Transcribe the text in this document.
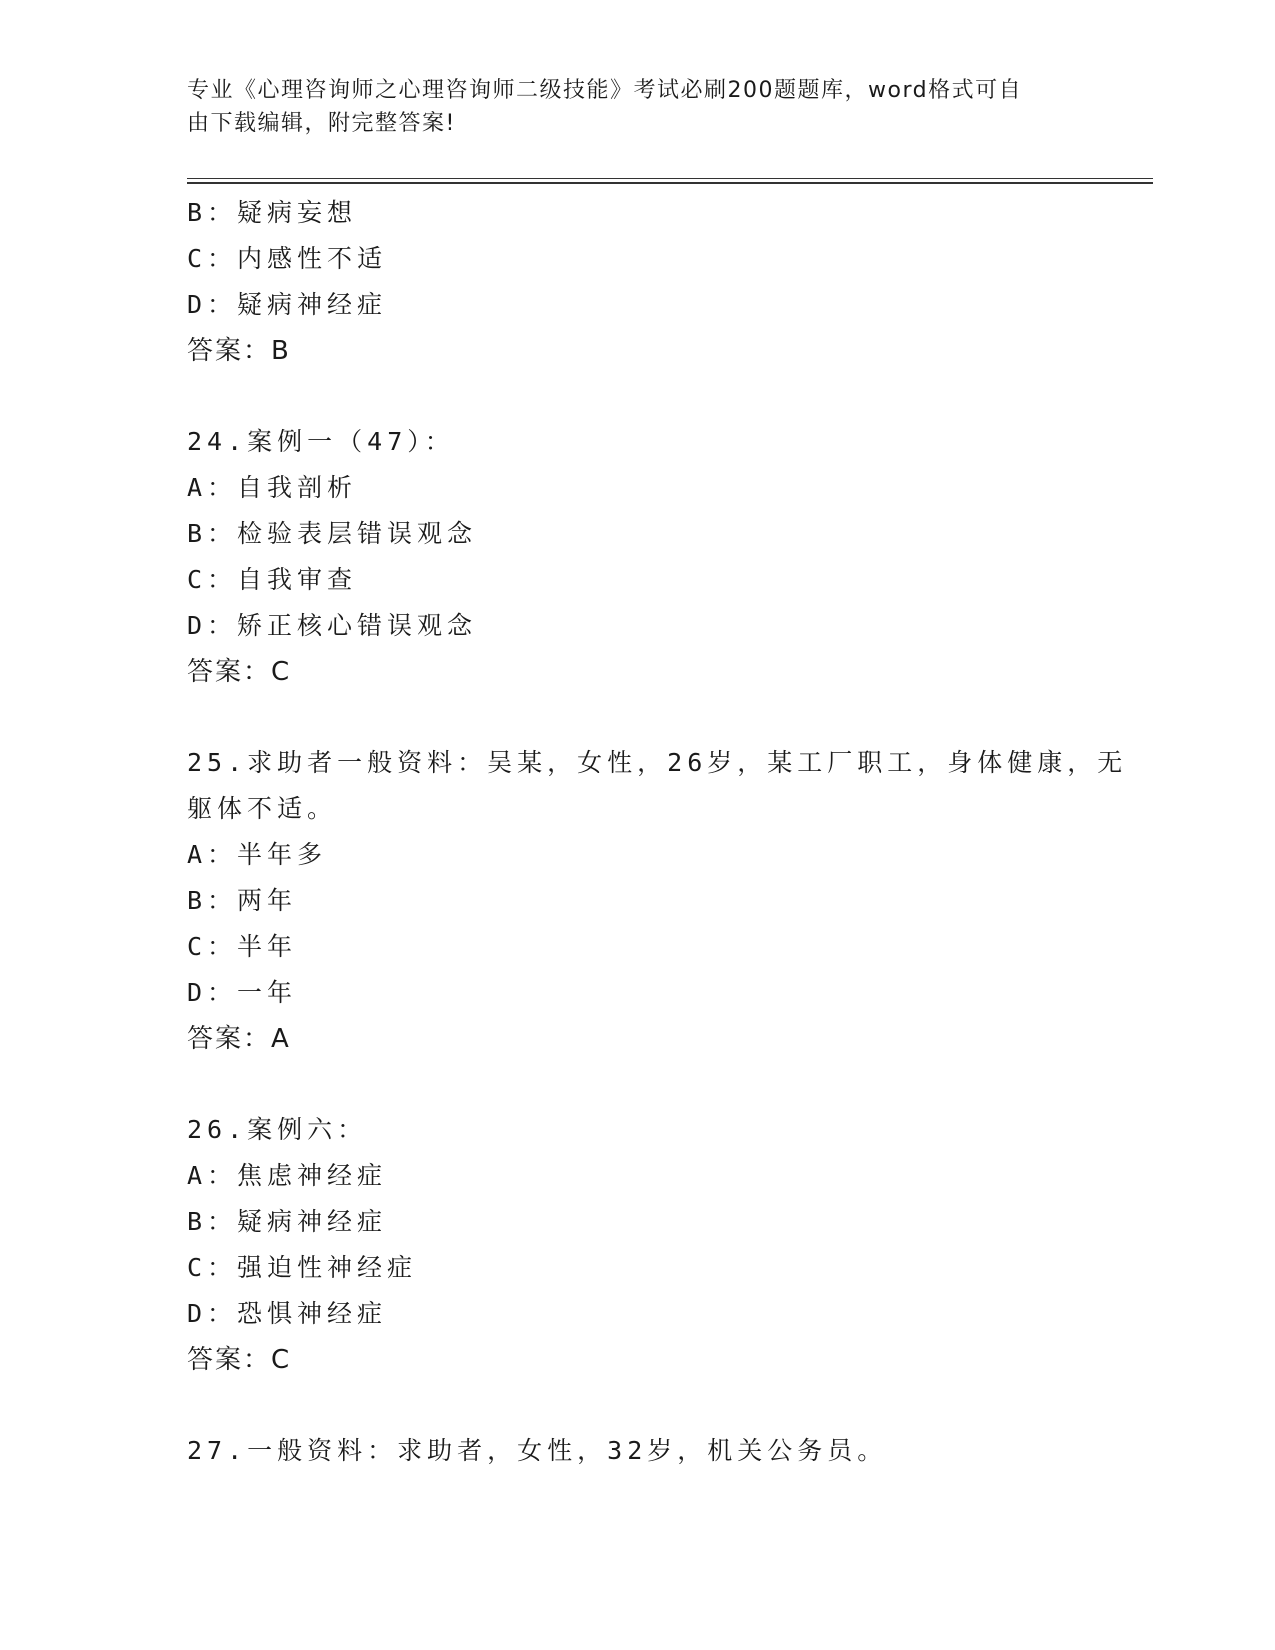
专业《心理咨询师之心理咨询师二级技能》考试必刷200题题库，word格式可自
由下载编辑，附完整答案!
B：疑病妄想
C：内感性不适
D：疑病神经症
答案：B
24.案例一（47）：
A：自我剖析
B：检验表层错误观念
C：自我审查
D：矫正核心错误观念
答案：C
25.求助者一般资料：吴某，女性，26岁，某工厂职工，身体健康，无
躯体不适。
A：半年多
B：两年
C：半年
D：一年
答案：A
26.案例六：
A：焦虑神经症
B：疑病神经症
C：强迫性神经症
D：恐惧神经症
答案：C
27.一般资料：求助者，女性，32岁，机关公务员。
